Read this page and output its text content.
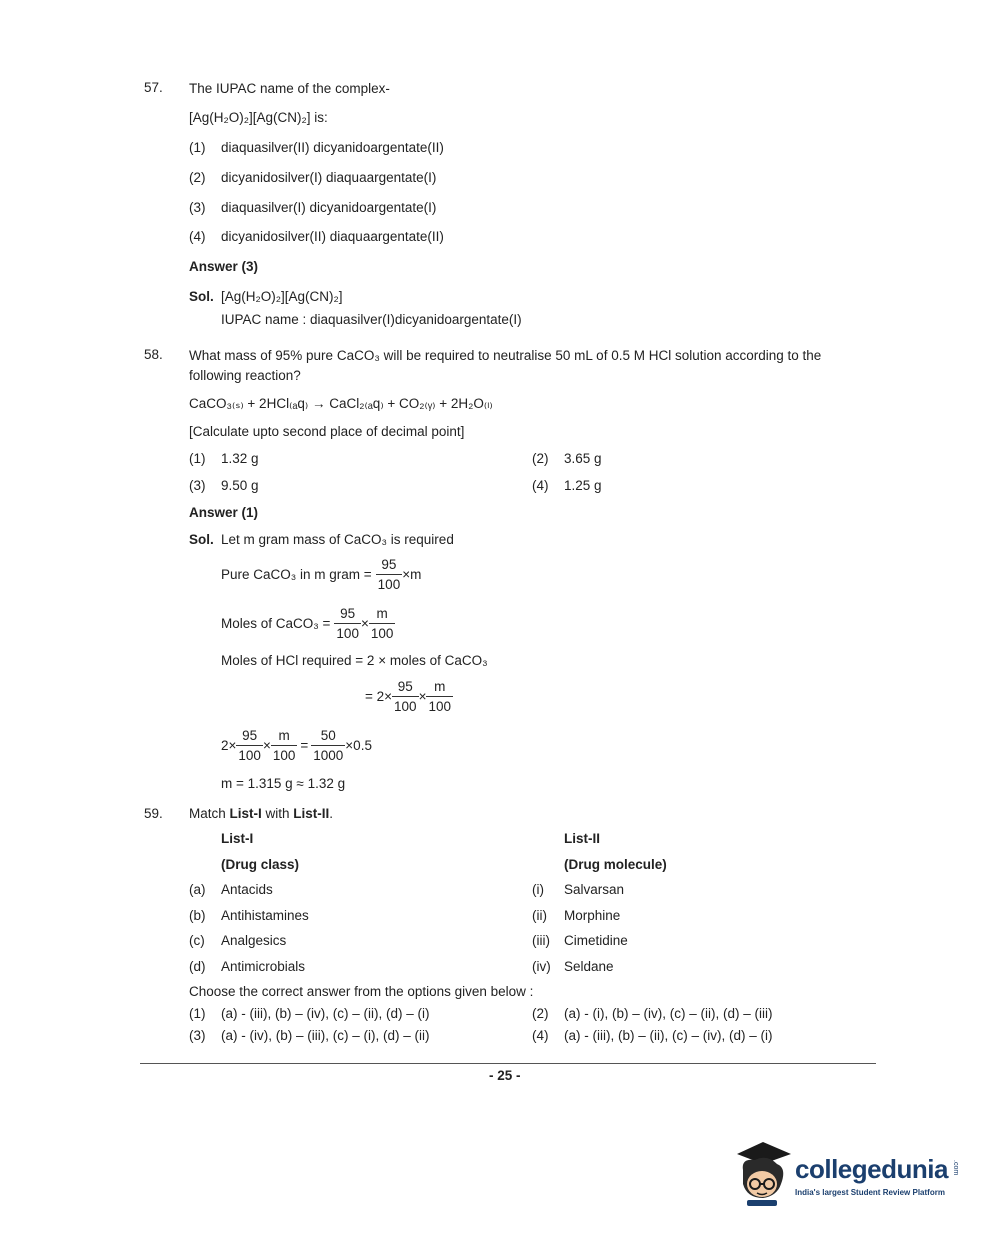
57. The IUPAC name of the complex-
[Ag(H₂O)₂][Ag(CN)₂] is:
(1) diaquasilver(II) dicyanidoargentate(II)
(2) dicyanidosilver(I) diaquaargentate(I)
(3) diaquasilver(I) dicyanidoargentate(I)
(4) dicyanidosilver(II) diaquaargentate(II)
Answer (3)
Sol. [Ag(H₂O)₂][Ag(CN)₂]
IUPAC name : diaquasilver(I)dicyanidoargentate(I)
58. What mass of 95% pure CaCO₃ will be required to neutralise 50 mL of 0.5 M HCl solution according to the
following reaction?
CaCO₃₍ₛ₎ + 2HCl₍ₐq₎ → CaCl₂₍ₐq₎ + CO₂₍ᵧ₎ + 2H₂O₍ₗ₎
[Calculate upto second place of decimal point]
(1) 1.32 g	(2) 3.65 g
(3) 9.50 g	(4) 1.25 g
Answer (1)
Sol. Let m gram mass of CaCO₃ is required
Pure CaCO₃ in m gram = $\frac{95}{100} \times m$
Moles of CaCO₃ = $\frac{95}{100} \times \frac{m}{100}$
Moles of HCl required = 2 × moles of CaCO₃
= $2\times \frac{95}{100} \times \frac{m}{100}$
$2\times \frac{95}{100} \times \frac{m}{100} = \frac{50}{1000} \times 0.5$
m = 1.315 g ≈ 1.32 g
59. Match List-I with List-II.
List-I	List-II
(Drug class)	(Drug molecule)
(a) Antacids	(i) Salvarsan
(b) Antihistamines	(ii) Morphine
(c) Analgesics	(iii) Cimetidine
(d) Antimicrobials	(iv) Seldane
Choose the correct answer from the options given below :
(1) (a) - (iii), (b) – (iv), (c) – (ii), (d) – (i)	(2) (a) - (i), (b) – (iv), (c) – (ii), (d) – (iii)
(3) (a) - (iv), (b) – (iii), (c) – (i), (d) – (ii)	(4) (a) - (iii), (b) – (ii), (c) – (iv), (d) – (i)
- 25 -
collegedunia .com
India's largest Student Review Platform
